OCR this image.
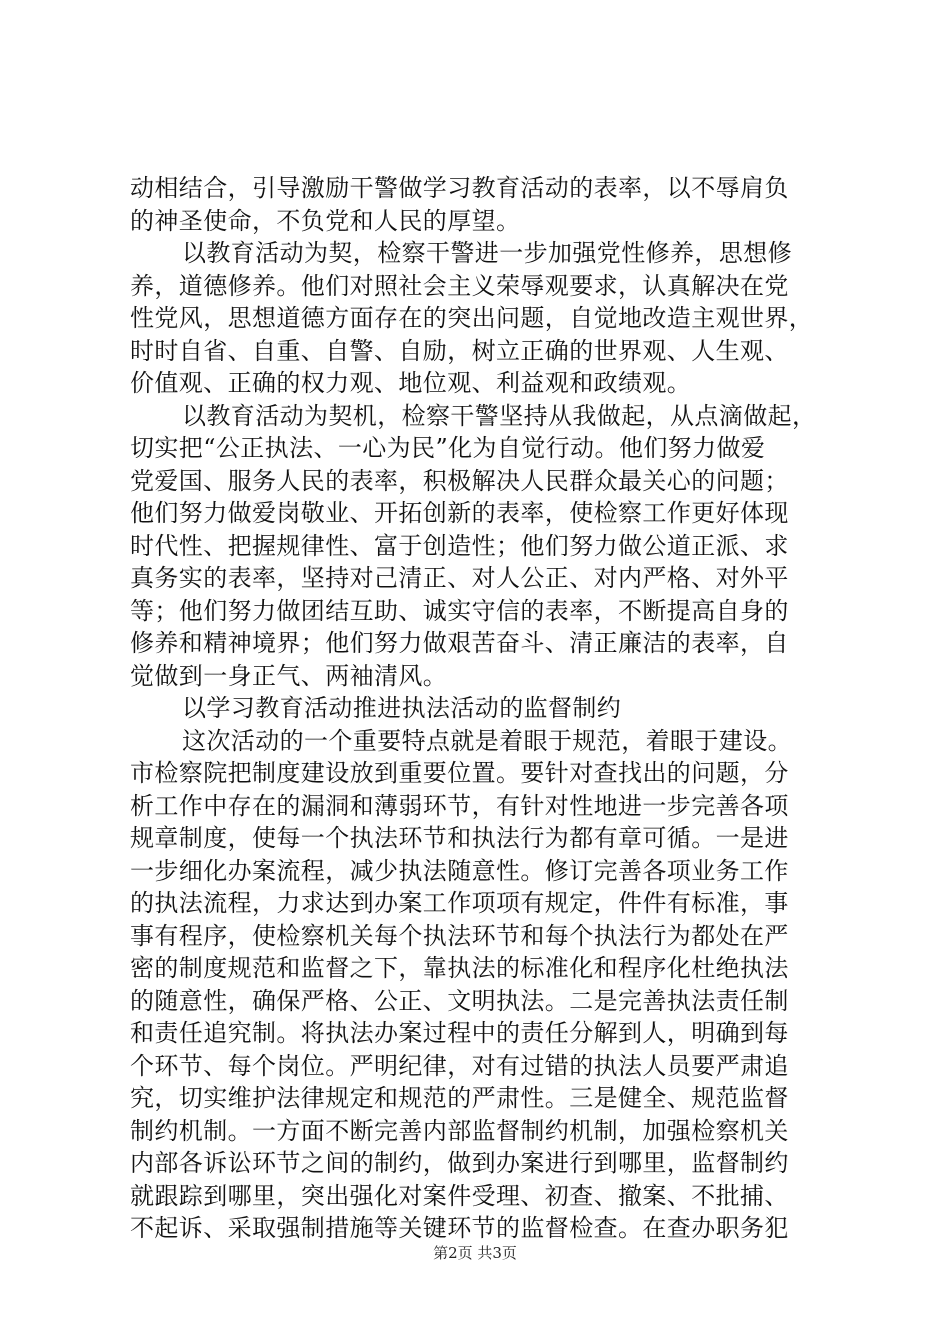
动相结合，引导激励干警做学习教育活动的表率，以不辱肩负
的神圣使命，不负党和人民的厚望。
以教育活动为契，检察干警进一步加强党性修养，思想修
养，道德修养。他们对照社会主义荣辱观要求，认真解决在党
性党风，思想道德方面存在的突出问题，自觉地改造主观世界，
时时自省、自重、自警、自励，树立正确的世界观、人生观、
价值观、正确的权力观、地位观、利益观和政绩观。
以教育活动为契机，检察干警坚持从我做起，从点滴做起，
切实把“公正执法、一心为民”化为自觉行动。他们努力做爱
党爱国、服务人民的表率，积极解决人民群众最关心的问题；
他们努力做爱岗敬业、开拓创新的表率，使检察工作更好体现
时代性、把握规律性、富于创造性；他们努力做公道正派、求
真务实的表率，坚持对己清正、对人公正、对内严格、对外平
等；他们努力做团结互助、诚实守信的表率，不断提高自身的
修养和精神境界；他们努力做艰苦奋斗、清正廉洁的表率，自
觉做到一身正气、两袖清风。
以学习教育活动推进执法活动的监督制约
这次活动的一个重要特点就是着眼于规范，着眼于建设。
市检察院把制度建设放到重要位置。要针对查找出的问题，分
析工作中存在的漏洞和薄弱环节，有针对性地进一步完善各项
规章制度，使每一个执法环节和执法行为都有章可循。一是进
一步细化办案流程，减少执法随意性。修订完善各项业务工作
的执法流程，力求达到办案工作项项有规定，件件有标准，事
事有程序，使检察机关每个执法环节和每个执法行为都处在严
密的制度规范和监督之下，靠执法的标准化和程序化杜绝执法
的随意性，确保严格、公正、文明执法。二是完善执法责任制
和责任追究制。将执法办案过程中的责任分解到人，明确到每
个环节、每个岗位。严明纪律，对有过错的执法人员要严肃追
究，切实维护法律规定和规范的严肃性。三是健全、规范监督
制约机制。一方面不断完善内部监督制约机制，加强检察机关
内部各诉讼环节之间的制约，做到办案进行到哪里，监督制约
就跟踪到哪里，突出强化对案件受理、初查、撤案、不批捕、
不起诉、采取强制措施等关键环节的监督检查。在查办职务犯
第2页 共3页
